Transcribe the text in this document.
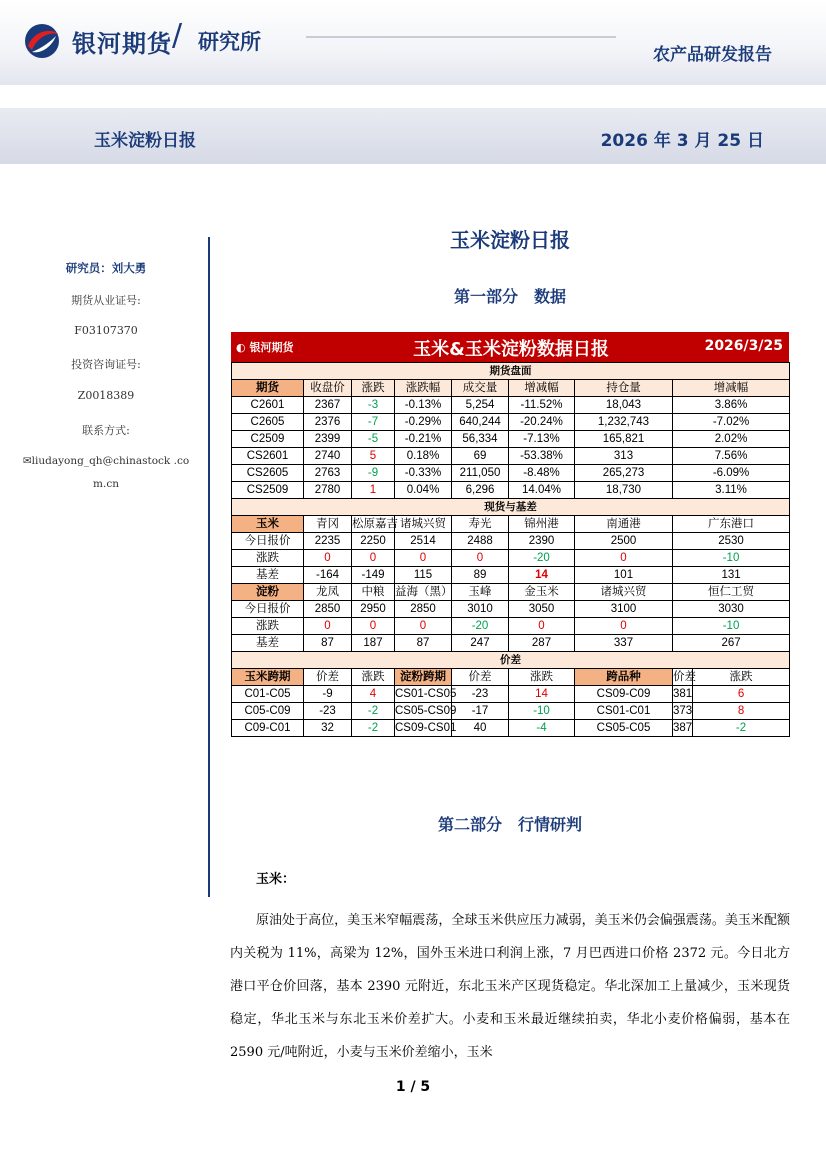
银河期货 / 研究所
农产品研发报告
玉米淀粉日报	2026 年 3 月 25 日
研究员：刘大勇
期货从业证号:
F03107370
投资咨询证号:
Z0018389
联系方式:
✉liudayong_qh@chinastock .co
m.cn
玉米淀粉日报
第一部分　数据
◐ 银河期货	玉米&玉米淀粉数据日报	2026/3/25
期货盘面								
期货	收盘价	涨跌	涨跌幅	成交量	增减幅	持仓量	增减幅	
C2601	2367	-3	-0.13%	5,254	-11.52%	18,043	3.86%	
C2605	2376	-7	-0.29%	640,244	-20.24%	1,232,743	-7.02%	
C2509	2399	-5	-0.21%	56,334	-7.13%	165,821	2.02%	
CS2601	2740	5	0.18%	69	-53.38%	313	7.56%	
CS2605	2763	-9	-0.33%	211,050	-8.48%	265,273	-6.09%	
CS2509	2780	1	0.04%	6,296	14.04%	18,730	3.11%	
现货与基差								
玉米	青冈	松原嘉吉	诸城兴贸	寿光	锦州港	南通港	广东港口	
今日报价	2235	2250	2514	2488	2390	2500	2530	
涨跌	0	0	0	0	-20	0	-10	
基差	-164	-149	115	89	14	101	131	
淀粉	龙凤	中粮	益海（黑）	玉峰	金玉米	诸城兴贸	恒仁工贸	
今日报价	2850	2950	2850	3010	3050	3100	3030	
涨跌	0	0	0	-20	0	0	-10	
基差	87	187	87	247	287	337	267	
价差								
玉米跨期	价差	涨跌	淀粉跨期	价差	涨跌	跨品种	价差	涨跌
C01-C05	-9	4	CS01-CS05	-23	14	CS09-C09	381	6
C05-C09	-23	-2	CS05-CS09	-17	-10	CS01-C01	373	8
C09-C01	32	-2	CS09-CS01	40	-4	CS05-C05	387	-2
第二部分　行情研判
玉米：

原油处于高位，美玉米窄幅震荡，全球玉米供应压力减弱，美玉米仍会偏强震荡。美玉米配额内关税为 11%，高梁为 12%，国外玉米进口利润上涨，7 月巴西进口价格 2372 元。今日北方港口平仓价回落，基本 2390 元附近，东北玉米产区现货稳定。华北深加工上量减少，玉米现货稳定，华北玉米与东北玉米价差扩大。小麦和玉米最近继续拍卖，华北小麦价格偏弱，基本在 2590 元/吨附近，小麦与玉米价差缩小，玉米

1 / 5
